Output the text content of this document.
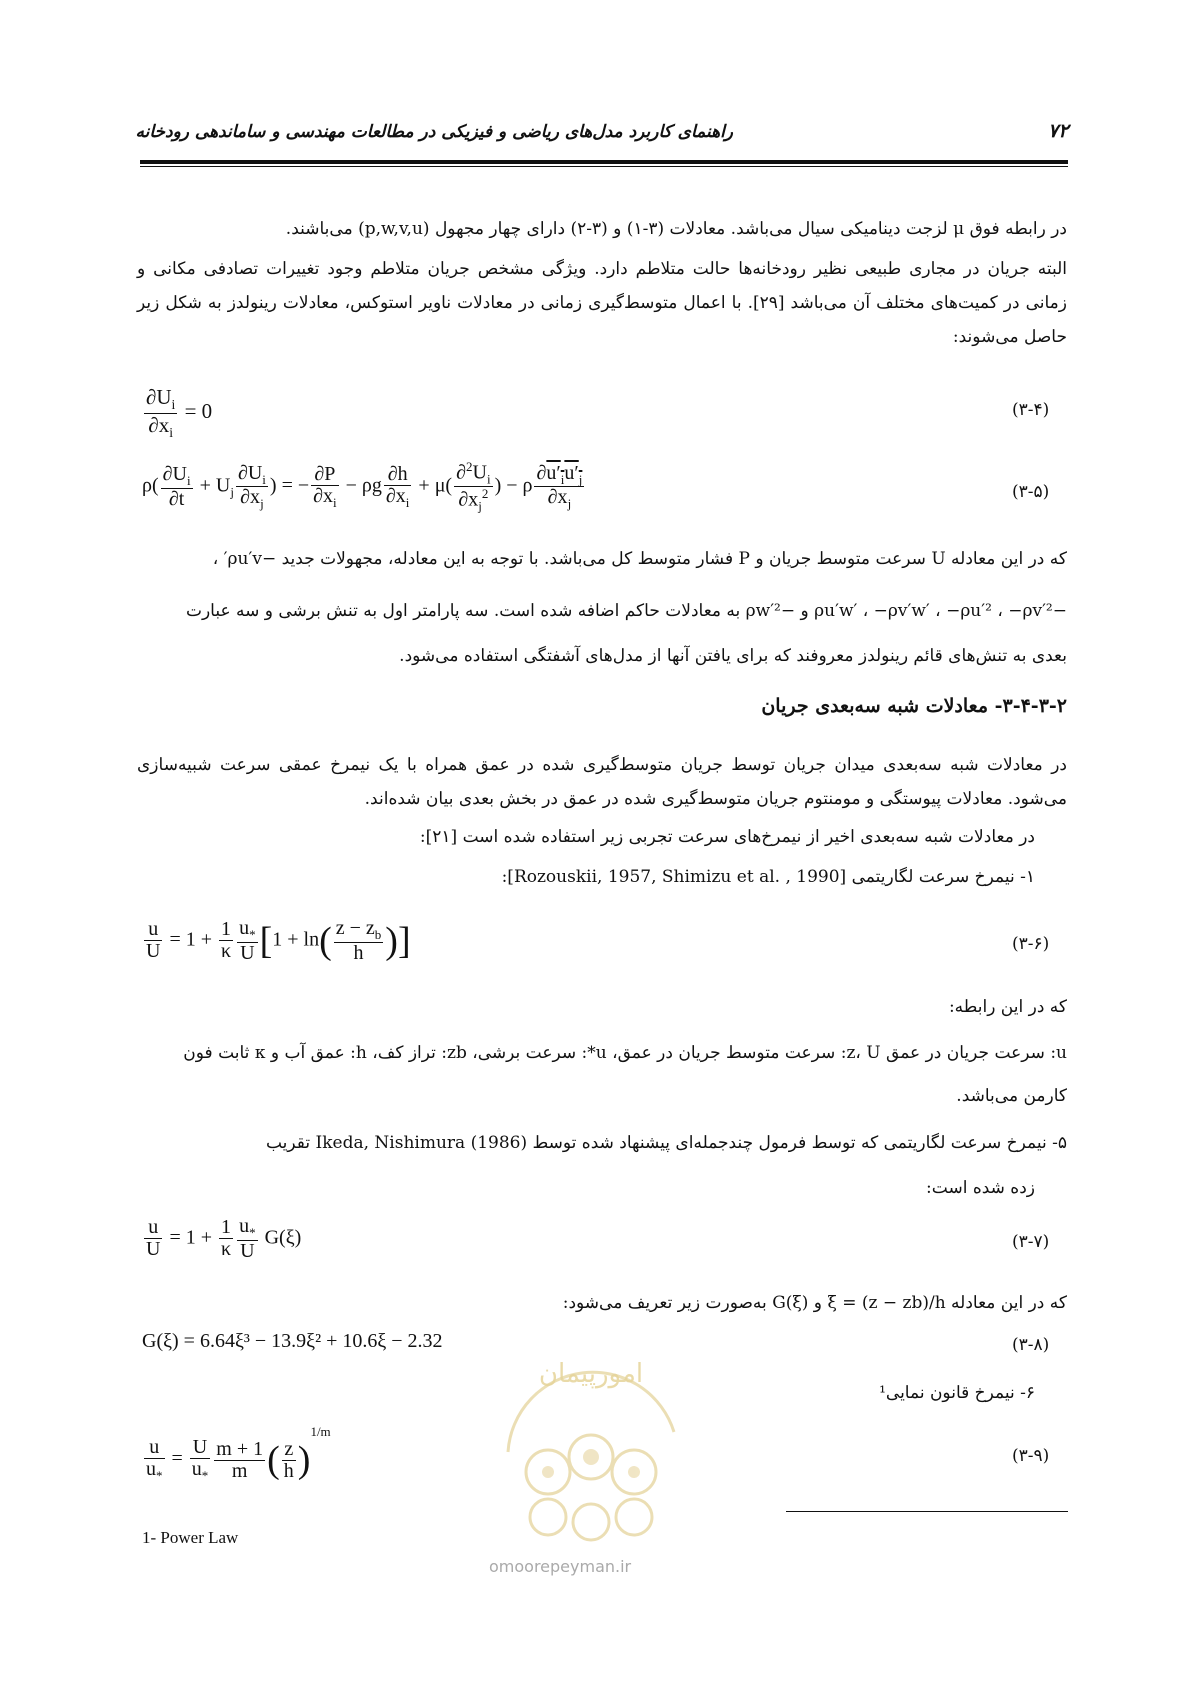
راهنمای کاربرد مدل‌های ریاضی و فیزیکی در مطالعات مهندسی و ساماندهی رودخانه	۷۲
در رابطه فوق μ لزجت دینامیکی سیال می‌باشد. معادلات (۳-۱) و (۳-۲) دارای چهار مجهول (p,w,v,u) می‌باشند.
البته جریان در مجاری طبیعی نظیر رودخانه‌ها حالت متلاطم دارد. ویژگی مشخص جریان متلاطم وجود تغییرات تصادفی مکانی و زمانی در کمیت‌های مختلف آن می‌باشد [۲۹]. با اعمال متوسط‌گیری زمانی در معادلات ناویر استوکس، معادلات رینولدز به شکل زیر حاصل می‌شوند:
$\frac{\partial U_i}{\partial x_i} = 0$	(۳-۴)
$\rho( \frac{\partial U_i}{\partial t} + U_j \frac{\partial U_i}{\partial x_j}$ ) = − $\frac{\partial P}{\partial x_i} - \rho g \frac{\partial h}{\partial x_i} + \mu( \frac{\partial^2U_i}{\partial x_j^2}$ ) − ρ $\frac{\partial u'_iu'_j}{\partial x_j}$	(۳-۵)
که در این معادله U سرعت متوسط جریان و P فشار متوسط کل می‌باشد. با توجه به این معادله، مجهولات جدید −ρu′v′ ،
−ρu′w′ ، −ρv′w′ ، −ρu′² ، −ρv′² و −ρw′² به معادلات حاکم اضافه شده است. سه پارامتر اول به تنش برشی و سه عبارت
بعدی به تنش‌های قائم رینولدز معروفند که برای یافتن آنها از مدل‌های آشفتگی استفاده می‌شود.
۳-۴-۳-۲- معادلات شبه سه‌بعدی جریان
در معادلات شبه سه‌بعدی میدان جریان توسط جریان متوسط‌گیری شده در عمق همراه با یک نیمرخ عمقی سرعت شبیه‌سازی می‌شود. معادلات پیوستگی و مومنتوم جریان متوسط‌گیری شده در عمق در بخش بعدی بیان شده‌اند.
در معادلات شبه سه‌بعدی اخیر از نیمرخ‌های سرعت تجربی زیر استفاده شده است [۲۱]:
۱- نیمرخ سرعت لگاریتمی [Rozouskii, 1957, Shimizu et al. , 1990]:
$\frac{u}{U} = 1 + \frac{1}{\kappa} \frac{u_*}{U} [1 + \ln( \frac{z - z_b}{h}$ )]	(۳-۶)
که در این رابطه:
u: سرعت جریان در عمق z، U: سرعت متوسط جریان در عمق، u*: سرعت برشی، zb: تراز کف، h: عمق آب و κ ثابت فون
کارمن می‌باشد.
۵- نیمرخ سرعت لگاریتمی که توسط فرمول چندجمله‌ای پیشنهاد شده توسط Ikeda, Nishimura (1986) تقریب
زده شده است:
$\frac{u}{U} = 1 + \frac{1}{\kappa} \frac{u_*}{U} G(\xi)$	(۳-۷)
که در این معادله ξ = (z − zb)/h و G(ξ) به‌صورت زیر تعریف می‌شود:
G(ξ) = 6.64ξ³ − 13.9ξ² + 10.6ξ − 2.32	(۳-۸)
۶- نیمرخ قانون نمایی¹
$\frac{u}{u_*} = \frac{U}{u_*} \frac{m + 1}{m}$ ( $\frac{z}{h} )^{1/m}$
(۳-۹)
1- Power Law
امورپیمان
omoorepeyman.ir
